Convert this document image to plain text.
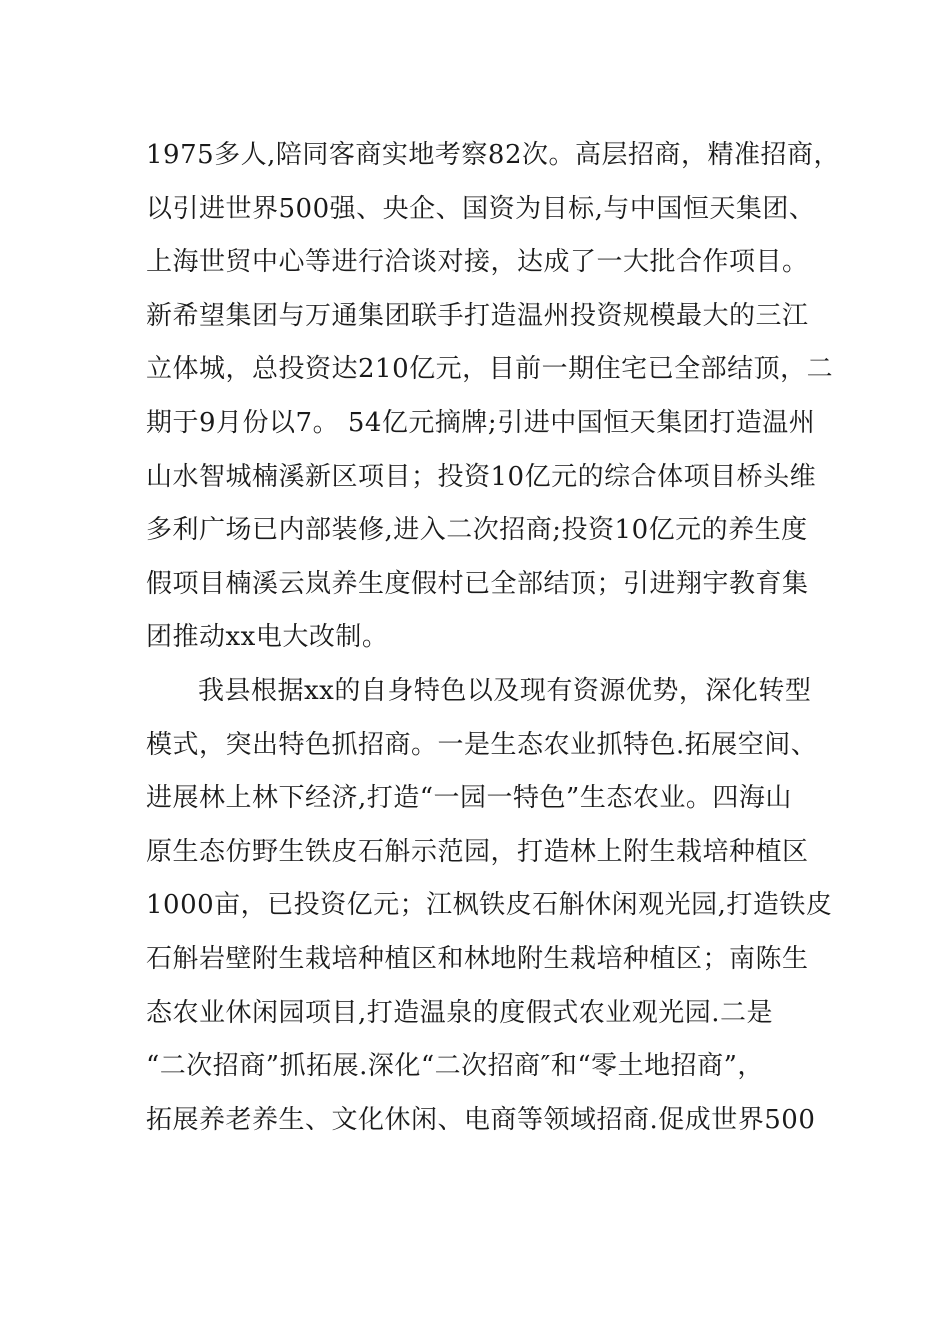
1975多人,陪同客商实地考察82次。高层招商，精准招商，
以引进世界500强、央企、国资为目标,与中国恒天集团、
上海世贸中心等进行洽谈对接，达成了一大批合作项目。
新希望集团与万通集团联手打造温州投资规模最大的三江
立体城，总投资达210亿元，目前一期住宅已全部结顶，二
期于9月份以7。 54亿元摘牌;引进中国恒天集团打造温州
山水智城楠溪新区项目；投资10亿元的综合体项目桥头维
多利广场已内部装修,进入二次招商;投资10亿元的养生度
假项目楠溪云岚养生度假村已全部结顶；引进翔宇教育集
团推动xx电大改制。
我县根据xx的自身特色以及现有资源优势，深化转型
模式，突出特色抓招商。一是生态农业抓特色.拓展空间、
进展林上林下经济,打造“一园一特色”生态农业。四海山
原生态仿野生铁皮石斛示范园，打造林上附生栽培种植区
1000亩，已投资亿元；江枫铁皮石斛休闲观光园,打造铁皮
石斛岩壁附生栽培种植区和林地附生栽培种植区；南陈生
态农业休闲园项目,打造温泉的度假式农业观光园.二是
“二次招商”抓拓展.深化“二次招商″和“零土地招商”，
拓展养老养生、文化休闲、电商等领域招商.促成世界500
